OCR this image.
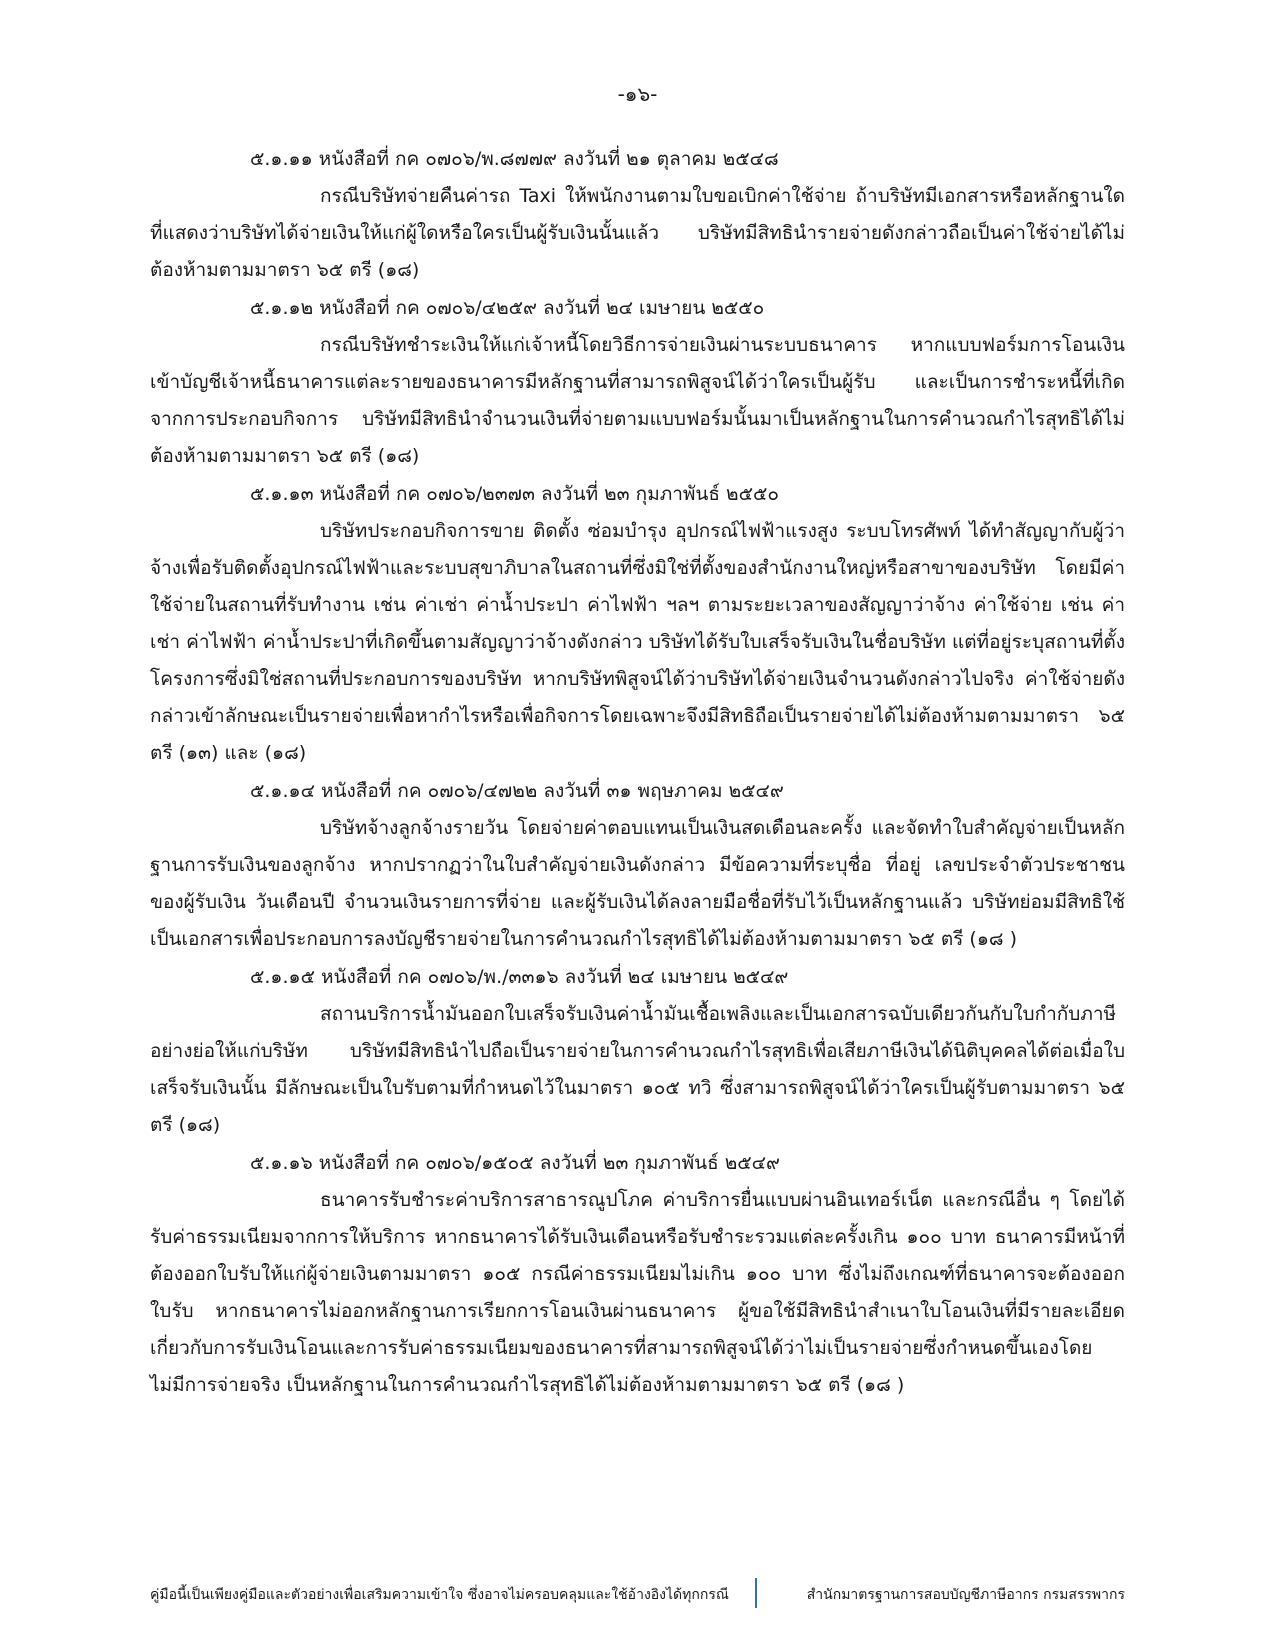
-๑๖-
๕.๑.๑๑ หนังสือที่ กค ๐๗๐๖/พ.๘๗๗๙ ลงวันที่ ๒๑ ตุลาคม ๒๕๔๘

กรณีบริษัทจ่ายคืนค่ารถ Taxi ให้พนักงานตามใบขอเบิกค่าใช้จ่าย ถ้าบริษัทมีเอกสารหรือหลักฐานใดที่แสดงว่าบริษัทได้จ่ายเงินให้แก่ผู้ใดหรือใครเป็นผู้รับเงินนั้นแล้ว บริษัทมีสิทธินำรายจ่ายดังกล่าวถือเป็นค่าใช้จ่ายได้ไม่ต้องห้ามตามมาตรา ๖๕ ตรี (๑๘)

๕.๑.๑๒ หนังสือที่ กค ๐๗๐๖/๔๒๕๙ ลงวันที่ ๒๔ เมษายน ๒๕๕๐

กรณีบริษัทชำระเงินให้แก่เจ้าหนี้โดยวิธีการจ่ายเงินผ่านระบบธนาคาร หากแบบฟอร์มการโอนเงินเข้าบัญชีเจ้าหนี้ธนาคารแต่ละรายของธนาคารมีหลักฐานที่สามารถพิสูจน์ได้ว่าใครเป็นผู้รับ และเป็นการชำระหนี้ที่เกิดจากการประกอบกิจการ บริษัทมีสิทธินำจำนวนเงินที่จ่ายตามแบบฟอร์มนั้นมาเป็นหลักฐานในการคำนวณกำไรสุทธิได้ไม่ต้องห้ามตามมาตรา ๖๕ ตรี (๑๘)

๕.๑.๑๓ หนังสือที่ กค ๐๗๐๖/๒๓๗๓ ลงวันที่ ๒๓ กุมภาพันธ์ ๒๕๕๐

บริษัทประกอบกิจการขาย ติดตั้ง ซ่อมบำรุง อุปกรณ์ไฟฟ้าแรงสูง ระบบโทรศัพท์ ได้ทำสัญญากับผู้ว่าจ้างเพื่อรับติดตั้งอุปกรณ์ไฟฟ้าและระบบสุขาภิบาลในสถานที่ซึ่งมิใช่ที่ตั้งของสำนักงานใหญ่หรือสาขาของบริษัท โดยมีค่าใช้จ่ายในสถานที่รับทำงาน เช่น ค่าเช่า ค่าน้ำประปา ค่าไฟฟ้า ฯลฯ ตามระยะเวลาของสัญญาว่าจ้าง ค่าใช้จ่าย เช่น ค่าเช่า ค่าไฟฟ้า ค่าน้ำประปาที่เกิดขึ้นตามสัญญาว่าจ้างดังกล่าว บริษัทได้รับใบเสร็จรับเงินในชื่อบริษัท แต่ที่อยู่ระบุสถานที่ตั้งโครงการซึ่งมิใช่สถานที่ประกอบการของบริษัท หากบริษัทพิสูจน์ได้ว่าบริษัทได้จ่ายเงินจำนวนดังกล่าวไปจริง ค่าใช้จ่ายดังกล่าวเข้าลักษณะเป็นรายจ่ายเพื่อหากำไรหรือเพื่อกิจการโดยเฉพาะจึงมีสิทธิถือเป็นรายจ่ายได้ไม่ต้องห้ามตามมาตรา ๖๕ ตรี (๑๓) และ (๑๘)

๕.๑.๑๔ หนังสือที่ กค ๐๗๐๖/๔๗๒๒ ลงวันที่ ๓๑ พฤษภาคม ๒๕๔๙

บริษัทจ้างลูกจ้างรายวัน โดยจ่ายค่าตอบแทนเป็นเงินสดเดือนละครั้ง และจัดทำใบสำคัญจ่ายเป็นหลักฐานการรับเงินของลูกจ้าง หากปรากฏว่าในใบสำคัญจ่ายเงินดังกล่าว มีข้อความที่ระบุชื่อ ที่อยู่ เลขประจำตัวประชาชนของผู้รับเงิน วันเดือนปี จำนวนเงินรายการที่จ่าย และผู้รับเงินได้ลงลายมือชื่อที่รับไว้เป็นหลักฐานแล้ว บริษัทย่อมมีสิทธิใช้เป็นเอกสารเพื่อประกอบการลงบัญชีรายจ่ายในการคำนวณกำไรสุทธิได้ไม่ต้องห้ามตามมาตรา ๖๕ ตรี (๑๘ )

๕.๑.๑๕ หนังสือที่ กค ๐๗๐๖/พ./๓๓๑๖ ลงวันที่ ๒๔ เมษายน ๒๕๔๙

สถานบริการน้ำมันออกใบเสร็จรับเงินค่าน้ำมันเชื้อเพลิงและเป็นเอกสารฉบับเดียวกันกับใบกำกับภาษีอย่างย่อให้แก่บริษัท บริษัทมีสิทธินำไปถือเป็นรายจ่ายในการคำนวณกำไรสุทธิเพื่อเสียภาษีเงินได้นิติบุคคลได้ต่อเมื่อใบเสร็จรับเงินนั้น มีลักษณะเป็นใบรับตามที่กำหนดไว้ในมาตรา ๑๐๕ ทวิ ซึ่งสามารถพิสูจน์ได้ว่าใครเป็นผู้รับตามมาตรา ๖๕ ตรี (๑๘)

๕.๑.๑๖ หนังสือที่ กค ๐๗๐๖/๑๕๐๕ ลงวันที่ ๒๓ กุมภาพันธ์ ๒๕๔๙

ธนาคารรับชำระค่าบริการสาธารณูปโภค ค่าบริการยื่นแบบผ่านอินเทอร์เน็ต และกรณีอื่น ๆ โดยได้รับค่าธรรมเนียมจากการให้บริการ หากธนาคารได้รับเงินเดือนหรือรับชำระรวมแต่ละครั้งเกิน ๑๐๐ บาท ธนาคารมีหน้าที่ต้องออกใบรับให้แก่ผู้จ่ายเงินตามมาตรา ๑๐๕ กรณีค่าธรรมเนียมไม่เกิน ๑๐๐ บาท ซึ่งไม่ถึงเกณฑ์ที่ธนาคารจะต้องออกใบรับ หากธนาคารไม่ออกหลักฐานการเรียกการโอนเงินผ่านธนาคาร ผู้ขอใช้มีสิทธินำสำเนาใบโอนเงินที่มีรายละเอียดเกี่ยวกับการรับเงินโอนและการรับค่าธรรมเนียมของธนาคารที่สามารถพิสูจน์ได้ว่าไม่เป็นรายจ่ายซึ่งกำหนดขึ้นเองโดยไม่มีการจ่ายจริง เป็นหลักฐานในการคำนวณกำไรสุทธิได้ไม่ต้องห้ามตามมาตรา ๖๕ ตรี (๑๘ )

คู่มือนี้เป็นเพียงคู่มือและตัวอย่างเพื่อเสริมความเข้าใจ ซึ่งอาจไม่ครอบคลุมและใช้อ้างอิงได้ทุกกรณี	สำนักมาตรฐานการสอบบัญชีภาษีอากร กรมสรรพากร
